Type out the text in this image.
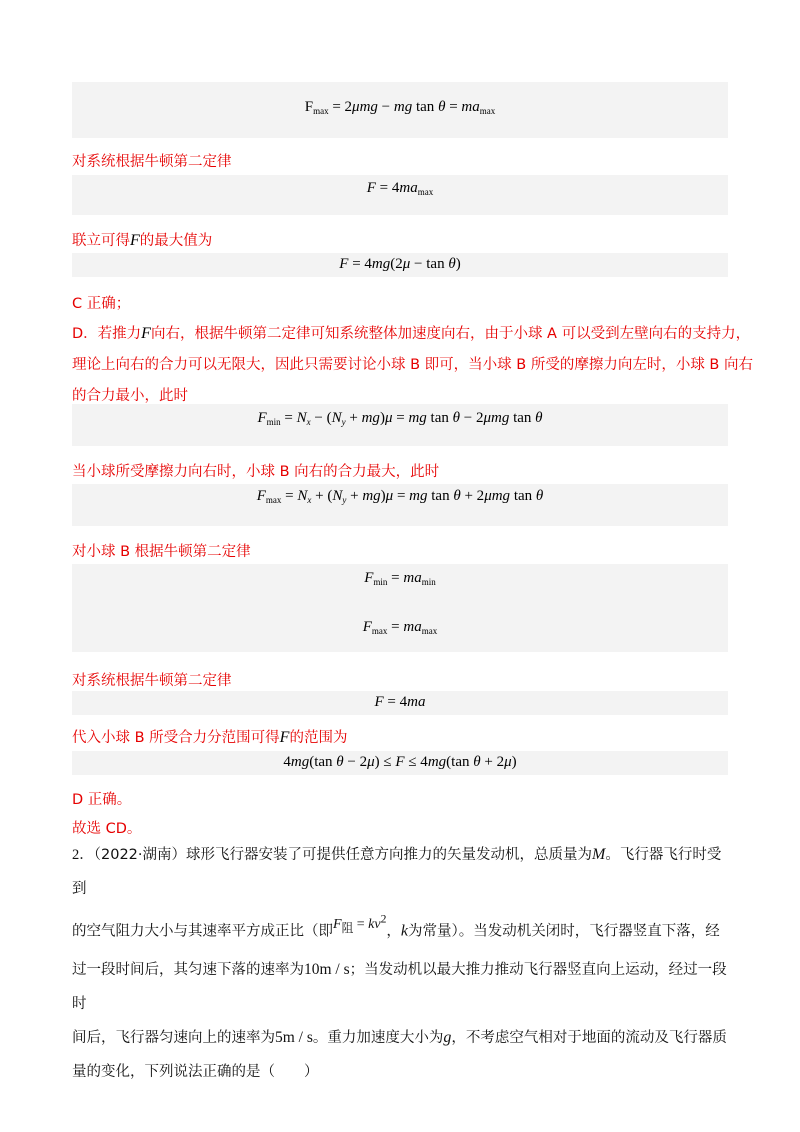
$F_{max} = 2\mu mg$ − mg $\tan \theta = ma_{max}$
对系统根据牛顿第二定律
$F = 4ma_{max}$
联立可得F的最大值为
F = 4mg(2μ − tan θ)
C 正确；
D．若推力F向右，根据牛顿第二定律可知系统整体加速度向右，由于小球 A 可以受到左壁向右的支持力，
理论上向右的合力可以无限大，因此只需要讨论小球 B 即可，当小球 B 所受的摩擦力向左时，小球 B 向右
的合力最小，此时
$F_{min} = N_x - (N_y + mg)\mu$ = mg tan θ − 2μmg tan θ
当小球所受摩擦力向右时，小球 B 向右的合力最大，此时
$F_{max} = N_x + (N_y + mg)\mu$ = mg tan θ + 2μmg tan θ
对小球 B 根据牛顿第二定律
$F_{min} = ma_{min}$
$F_{max} = ma_{max}$
对系统根据牛顿第二定律
F = 4ma
代入小球 B 所受合力分范围可得F的范围为
4mg(tan θ − 2μ) ≤ F ≤ 4mg(tan θ + 2μ)
D 正确。
故选 CD。
2．（2022·湖南）球形飞行器安装了可提供任意方向推力的矢量发动机，总质量为M。飞行器飞行时受到
的空气阻力大小与其速率平方成正比（即$F_阻 = kv^2$，k为常量）。当发动机关闭时，飞行器竖直下落，经
过一段时间后，其匀速下落的速率为10m / s；当发动机以最大推力推动飞行器竖直向上运动，经过一段时
间后，飞行器匀速向上的速率为5m / s。重力加速度大小为g，不考虑空气相对于地面的流动及飞行器质
量的变化，下列说法正确的是（　　）
